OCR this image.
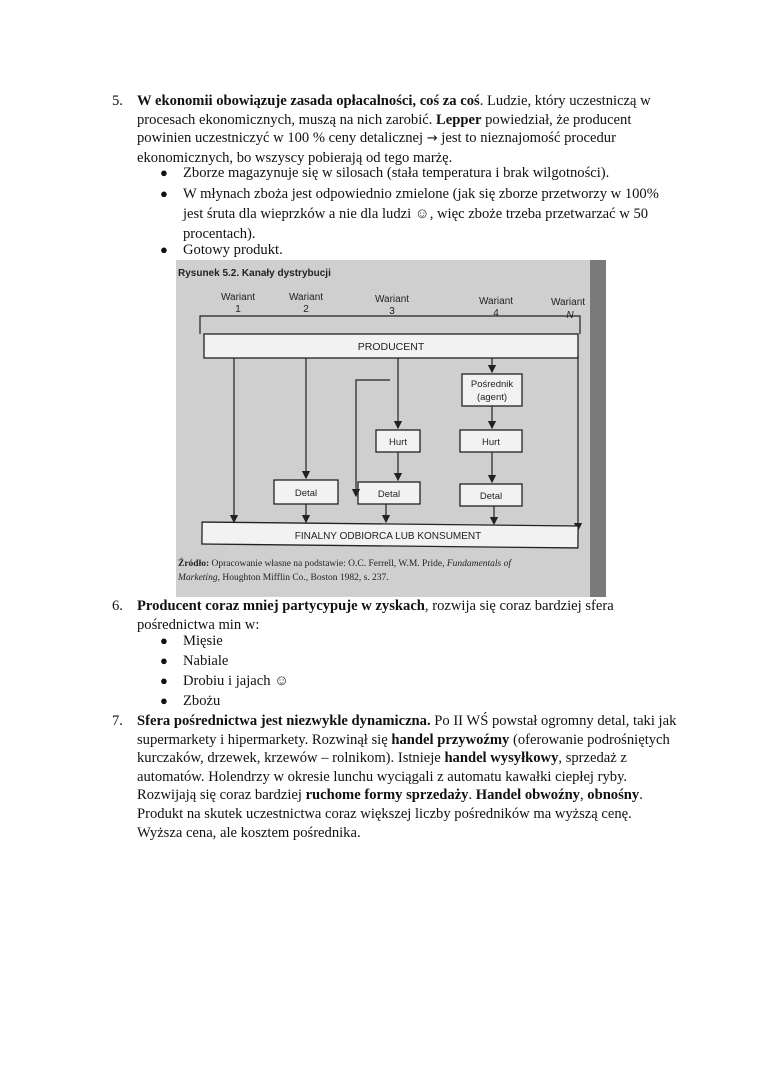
5. W ekonomii obowiązuje zasada opłacalności, coś za coś. Ludzie, który uczestniczą w procesach ekonomicznych, muszą na nich zarobić. Lepper powiedział, że producent powinien uczestniczyć w 100 % ceny detalicznej → jest to nieznajomość procedur ekonomicznych, bo wszyscy pobierają od tego marżę.
● Zborze magazynuje się w silosach (stała temperatura i brak wilgotności).
● W młynach zboża jest odpowiednio zmielone (jak się zborze przetworzy w 100% jest śruta dla wieprzków a nie dla ludzi ☺, więc zboże trzeba przetwarzać w 50 procentach).
● Gotowy produkt.
Rysunek 5.2. Kanały dystrybucji
Wariant
1
Wariant
2
Wariant
3
Wariant
4
Wariant
N
PRODUCENT
Pośrednik
(agent)
Hurt	Hurt
Detal	Detal	Detal
FINALNY ODBIORCA LUB KONSUMENT
Źródło: Opracowanie własne na podstawie: O.C. Ferrell, W.M. Pride, Fundamentals of
Marketing, Houghton Mifflin Co., Boston 1982, s. 237.
6. Producent coraz mniej partycypuje w zyskach, rozwija się coraz bardziej sfera pośrednictwa min w:
● Mięsie
● Nabiale
● Drobiu i jajach ☺
● Zbożu
7. Sfera pośrednictwa jest niezwykle dynamiczna. Po II WŚ powstał ogromny detal, taki jak supermarkety i hipermarkety. Rozwinął się handel przywoźmy (oferowanie podrośniętych kurczaków, drzewek, krzewów – rolnikom). Istnieje handel wysyłkowy, sprzedaż z automatów. Holendrzy w okresie lunchu wyciągali z automatu kawałki ciepłej ryby. Rozwijają się coraz bardziej ruchome formy sprzedaży. Handel obwoźny, obnośny. Produkt na skutek uczestnictwa coraz większej liczby pośredników ma wyższą cenę. Wyższa cena, ale kosztem pośrednika.
